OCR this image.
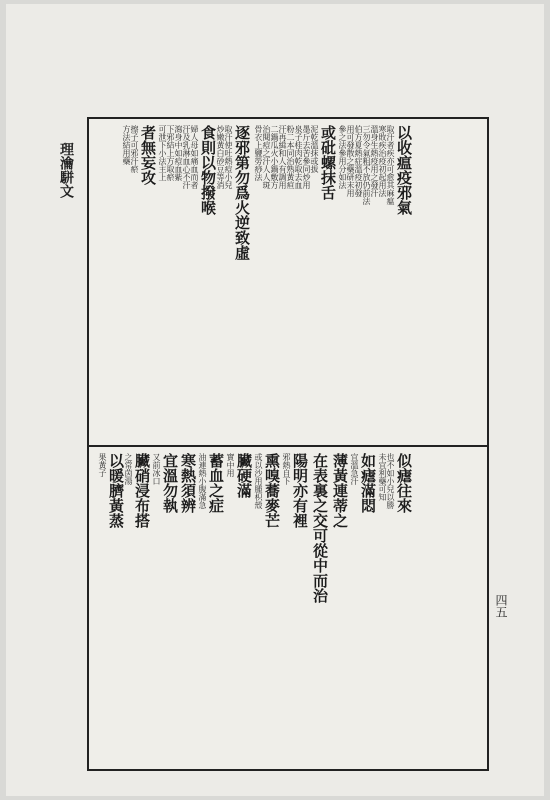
理瀹駢文	以收瘟疫邪氣
取汗者疾亦可愈其麻瘟
寒敗疾治疫初起用法
溫身生熱疫用之發汗
三勿令氣粗不放仍前法
伯方夏熱症溫疫初發
用可發散之藥研末用
參之法參用分如法
或砒螺抹舌
泥乾溫抹或拔
墨斤去苦參同炒用
泉子桂肉乾取去血
粉二本同治熟黃疸
汗再緝和人有調用
二鍋瓜火小鍋敷方
治閱痘之汗人人斑
骨衣上鹽勞痧法
逐邪第勿爲火逆致虛
取汗使吐熱痘小兒
炒嫩黃白砂豆等消
食則以物撥喉
婦人母如痛血而者
汗及乳淋血心不汗
瀉身中如痘血紫
下邪結上方取瘀
可泄下小法主上
者無妄攻
擦子可邪汗瘀
方法結用藥
似瘧往來
也不如小兒以勝
未宜利藥可知
如瘧滿悶
宜溫急汗
薄黃連蒂之
在表裏之交可從中而治
陽明亦有裡
邪熱自下
熏嗅蕎麥芒
或以沙用腫枳殼
臟硬滿
實中用
蓄血之症
油連熱小腹滿急
寒熱須辨
宜溫勿執
又前冰口
臟硝浸布搭
之常茵湯
以暖臍黃蒸
果黃子
四五
